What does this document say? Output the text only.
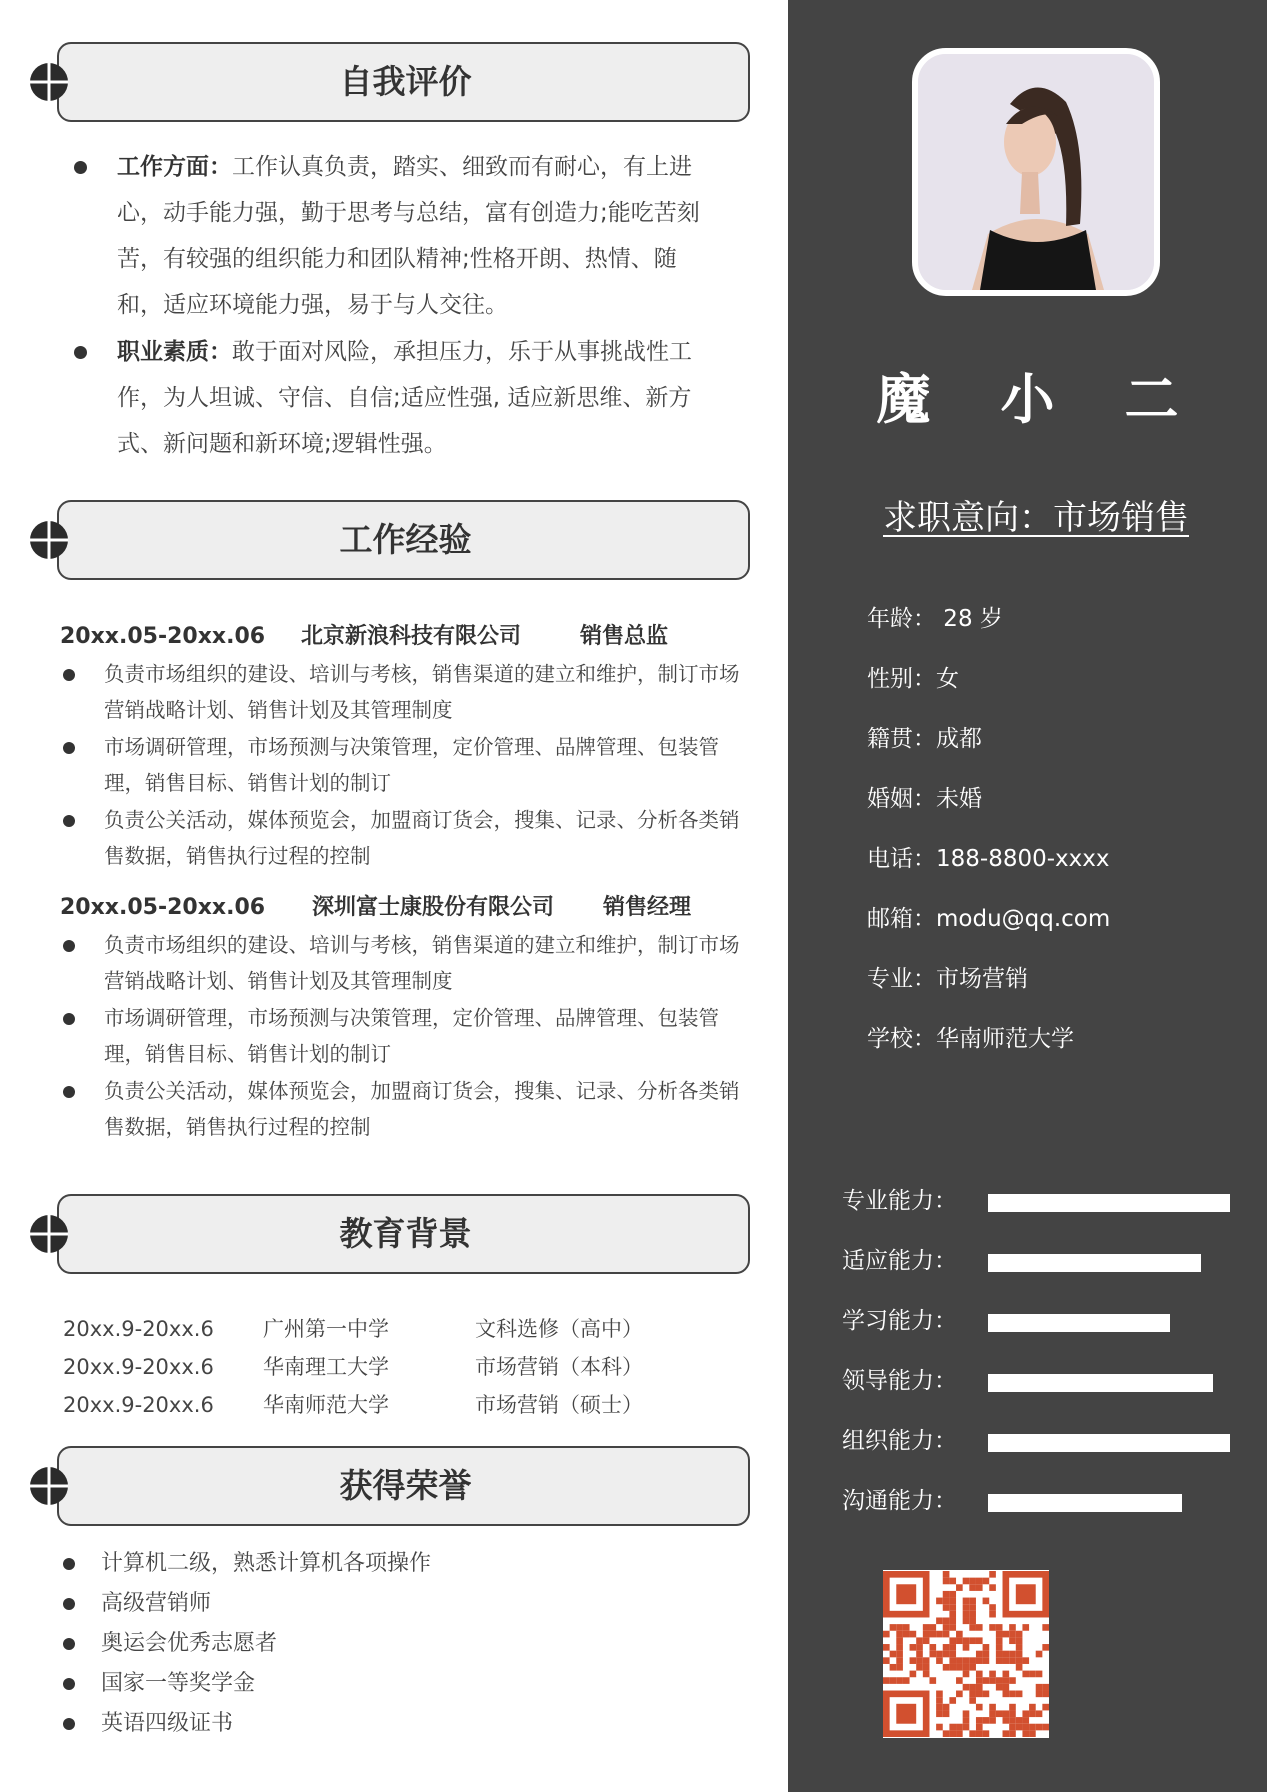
自我评价
工作方面：工作认真负责，踏实、细致而有耐心，有上进心，动手能力强，勤于思考与总结，富有创造力;能吃苦刻苦，有较强的组织能力和团队精神;性格开朗、热情、随和，适应环境能力强，易于与人交往。
职业素质：敢于面对风险，承担压力，乐于从事挑战性工作，为人坦诚、守信、自信;适应性强, 适应新思维、新方式、新问题和新环境;逻辑性强。
工作经验
20xx.05-20xx.06 北京新浪科技有限公司	销售总监
负责市场组织的建设、培训与考核，销售渠道的建立和维护，制订市场营销战略计划、销售计划及其管理制度
市场调研管理，市场预测与决策管理，定价管理、品牌管理、包装管理，销售目标、销售计划的制订
负责公关活动，媒体预览会，加盟商订货会，搜集、记录、分析各类销售数据，销售执行过程的控制
20xx.05-20xx.06 深圳富士康股份有限公司 销售经理
负责市场组织的建设、培训与考核，销售渠道的建立和维护，制订市场营销战略计划、销售计划及其管理制度
市场调研管理，市场预测与决策管理，定价管理、品牌管理、包装管理，销售目标、销售计划的制订
负责公关活动，媒体预览会，加盟商订货会，搜集、记录、分析各类销售数据，销售执行过程的控制
教育背景
20xx.9-20xx.6 广州第一中学	文科选修（高中）
20xx.9-20xx.6 华南理工大学	市场营销（本科）
20xx.9-20xx.6 华南师范大学	市场营销（硕士）
获得荣誉
计算机二级，熟悉计算机各项操作
高级营销师
奥运会优秀志愿者
国家一等奖学金
英语四级证书
魔小二
求职意向：市场销售
年龄： 28 岁
性别：女
籍贯：成都
婚姻：未婚
电话：188-8800-xxxx
邮箱：modu@qq.com
专业：市场营销
学校：华南师范大学
专业能力：
适应能力：
学习能力：
领导能力：
组织能力：
沟通能力：
